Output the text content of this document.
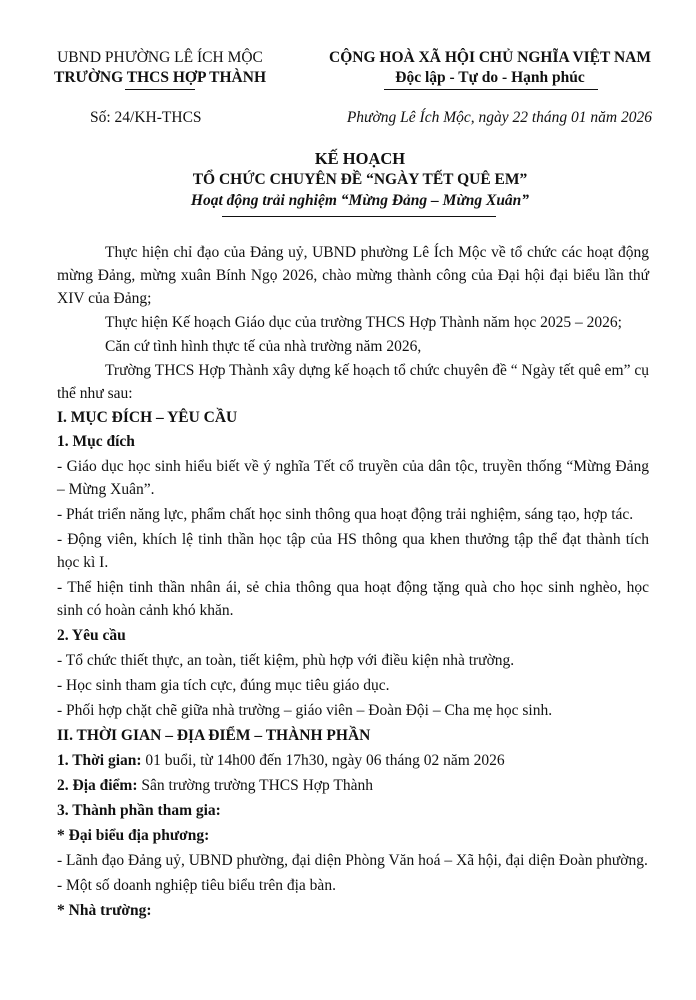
UBND PHƯỜNG LÊ ÍCH MỘC
TRƯỜNG THCS HỢP THÀNH
CỘNG HOÀ XÃ HỘI CHỦ NGHĨA VIỆT NAM
Độc lập - Tự do - Hạnh phúc
Số: 24/KH-THCS	Phường Lê Ích Mộc, ngày 22 tháng 01 năm 2026
KẾ HOẠCH
TỔ CHỨC CHUYÊN ĐỀ “NGÀY TẾT QUÊ EM”
Hoạt động trải nghiệm “Mừng Đảng – Mừng Xuân”

Thực hiện chỉ đạo của Đảng uỷ, UBND phường Lê Ích Mộc về tổ chức các hoạt động mừng Đảng, mừng xuân Bính Ngọ 2026, chào mừng thành công của Đại hội đại biểu lần thứ XIV của Đảng;

Thực hiện Kế hoạch Giáo dục của trường THCS Hợp Thành năm học 2025 – 2026;

Căn cứ tình hình thực tế của nhà trường năm 2026,

Trường THCS Hợp Thành xây dựng kế hoạch tổ chức chuyên đề “ Ngày tết quê em” cụ thể như sau:

I. MỤC ĐÍCH – YÊU CẦU

1. Mục đích

- Giáo dục học sinh hiểu biết về ý nghĩa Tết cổ truyền của dân tộc, truyền thống “Mừng Đảng – Mừng Xuân”.

- Phát triển năng lực, phẩm chất học sinh thông qua hoạt động trải nghiệm, sáng tạo, hợp tác.

- Động viên, khích lệ tinh thần học tập của HS thông qua khen thưởng tập thể đạt thành tích học kì I.

- Thể hiện tinh thần nhân ái, sẻ chia thông qua hoạt động tặng quà cho học sinh nghèo, học sinh có hoàn cảnh khó khăn.

2. Yêu cầu

- Tổ chức thiết thực, an toàn, tiết kiệm, phù hợp với điều kiện nhà trường.

- Học sinh tham gia tích cực, đúng mục tiêu giáo dục.

- Phối hợp chặt chẽ giữa nhà trường – giáo viên – Đoàn Đội – Cha mẹ học sinh.

II. THỜI GIAN – ĐỊA ĐIỂM – THÀNH PHẦN

1. Thời gian: 01 buổi, từ 14h00 đến 17h30, ngày 06 tháng 02 năm 2026

2. Địa điểm: Sân trường trường THCS Hợp Thành

3. Thành phần tham gia:

* Đại biểu địa phương:

- Lãnh đạo Đảng uỷ, UBND phường, đại diện Phòng Văn hoá – Xã hội, đại diện Đoàn phường.

- Một số doanh nghiệp tiêu biểu trên địa bàn.

* Nhà trường:
